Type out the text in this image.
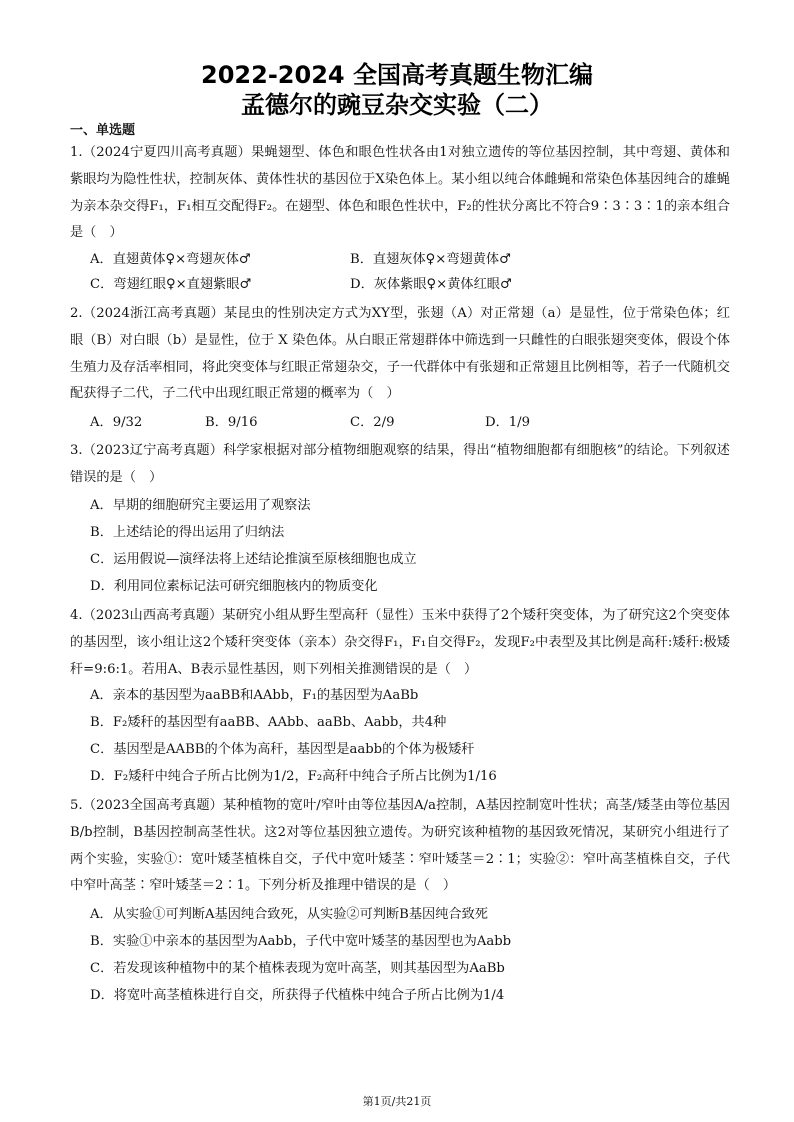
2022-2024 全国高考真题生物汇编
孟德尔的豌豆杂交实验（二）
一、单选题

1.（2024宁夏四川高考真题）果蝇翅型、体色和眼色性状各由1对独立遗传的等位基因控制，其中弯翅、黄体和紫眼均为隐性性状，控制灰体、黄体性状的基因位于X染色体上。某小组以纯合体雌蝇和常染色体基因纯合的雄蝇为亲本杂交得F₁，F₁相互交配得F₂。在翅型、体色和眼色性状中，F₂的性状分离比不符合9∶3∶3∶1的亲本组合是（　）

A．直翅黄体♀×弯翅灰体♂	B．直翅灰体♀×弯翅黄体♂

C．弯翅红眼♀×直翅紫眼♂	D．灰体紫眼♀×黄体红眼♂

2.（2024浙江高考真题）某昆虫的性别决定方式为XY型，张翅（A）对正常翅（a）是显性，位于常染色体；红眼（B）对白眼（b）是显性，位于 X 染色体。从白眼正常翅群体中筛选到一只雌性的白眼张翅突变体，假设个体生殖力及存活率相同，将此突变体与红眼正常翅杂交，子一代群体中有张翅和正常翅且比例相等，若子一代随机交配获得子二代，子二代中出现红眼正常翅的概率为（　）

A．9/32	B．9/16	C．2/9	D．1/9

3.（2023辽宁高考真题）科学家根据对部分植物细胞观察的结果，得出“植物细胞都有细胞核”的结论。下列叙述错误的是（　）

A．早期的细胞研究主要运用了观察法

B．上述结论的得出运用了归纳法

C．运用假说—演绎法将上述结论推演至原核细胞也成立

D．利用同位素标记法可研究细胞核内的物质变化

4.（2023山西高考真题）某研究小组从野生型高秆（显性）玉米中获得了2个矮秆突变体，为了研究这2个突变体的基因型，该小组让这2个矮秆突变体（亲本）杂交得F₁，F₁自交得F₂，发现F₂中表型及其比例是高秆:矮秆:极矮秆=9:6:1。若用A、B表示显性基因，则下列相关推测错误的是（　）

A．亲本的基因型为aaBB和AAbb，F₁的基因型为AaBb

B．F₂矮秆的基因型有aaBB、AAbb、aaBb、Aabb，共4种

C．基因型是AABB的个体为高秆，基因型是aabb的个体为极矮秆

D．F₂矮秆中纯合子所占比例为1/2，F₂高秆中纯合子所占比例为1/16

5.（2023全国高考真题）某种植物的宽叶/窄叶由等位基因A/a控制，A基因控制宽叶性状；高茎/矮茎由等位基因B/b控制，B基因控制高茎性状。这2对等位基因独立遗传。为研究该种植物的基因致死情况，某研究小组进行了两个实验，实验①：宽叶矮茎植株自交，子代中宽叶矮茎∶窄叶矮茎＝2∶1；实验②：窄叶高茎植株自交，子代中窄叶高茎∶窄叶矮茎＝2∶1。下列分析及推理中错误的是（　）

A．从实验①可判断A基因纯合致死，从实验②可判断B基因纯合致死

B．实验①中亲本的基因型为Aabb，子代中宽叶矮茎的基因型也为Aabb

C．若发现该种植物中的某个植株表现为宽叶高茎，则其基因型为AaBb

D．将宽叶高茎植株进行自交，所获得子代植株中纯合子所占比例为1/4

第1页/共21页
